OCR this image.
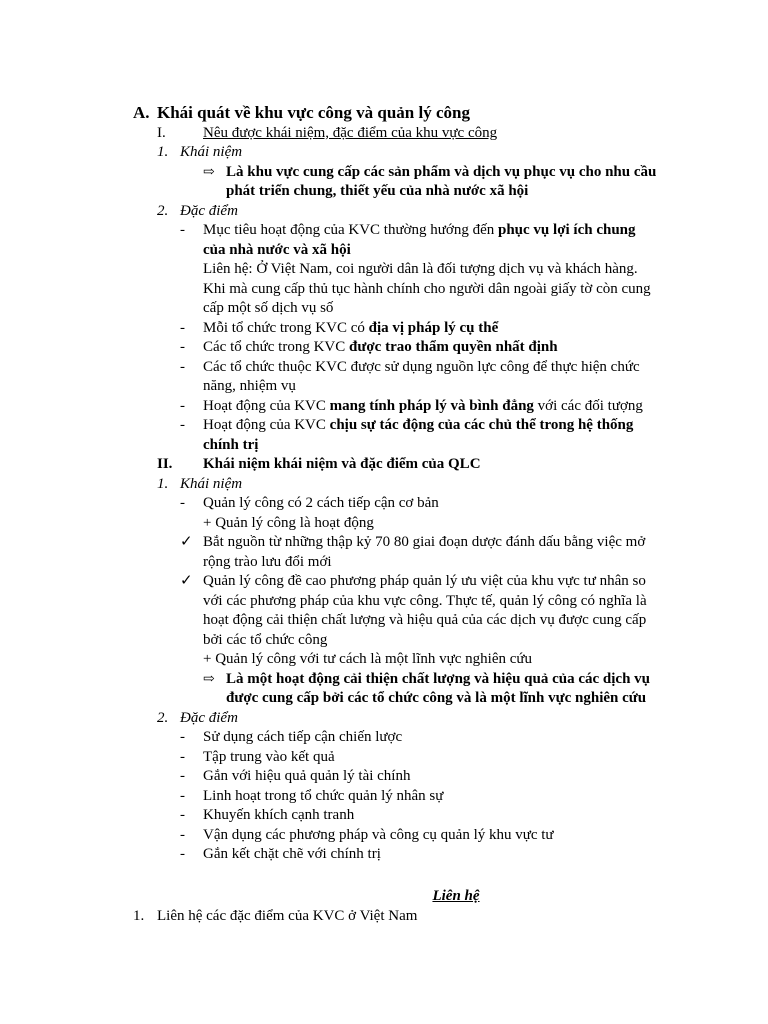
A. Khái quát về khu vực công và quản lý công
I. Nêu được khái niệm, đặc điểm của khu vực công
1. Khái niệm
⇨ Là khu vực cung cấp các sản phẩm và dịch vụ phục vụ cho nhu cầu
phát triển chung, thiết yếu của nhà nước xã hội
2. Đặc điểm
- Mục tiêu hoạt động của KVC thường hướng đến phục vụ lợi ích chung
của nhà nước và xã hội
Liên hệ: Ở Việt Nam, coi người dân là đối tượng dịch vụ và khách hàng.
Khi mà cung cấp thủ tục hành chính cho người dân ngoài giấy tờ còn cung
cấp một số dịch vụ số
- Mỗi tổ chức trong KVC có địa vị pháp lý cụ thể
- Các tổ chức trong KVC được trao thẩm quyền nhất định
- Các tổ chức thuộc KVC được sử dụng nguồn lực công để thực hiện chức
năng, nhiệm vụ
- Hoạt động của KVC mang tính pháp lý và bình đẳng với các đối tượng
- Hoạt động của KVC chịu sự tác động của các chủ thể trong hệ thống
chính trị
II. Khái niệm khái niệm và đặc điểm của QLC
1. Khái niệm
- Quản lý công có 2 cách tiếp cận cơ bản
+ Quản lý công là hoạt động
✓ Bắt nguồn từ những thập kỷ 70 80 giai đoạn dược đánh dấu bằng việc mở
rộng trào lưu đổi mới
✓ Quản lý công đề cao phương pháp quản lý ưu việt của khu vực tư nhân so
với các phương pháp của khu vực công. Thực tế, quản lý công có nghĩa là
hoạt động cải thiện chất lượng và hiệu quả của các dịch vụ được cung cấp
bởi các tổ chức công
+ Quản lý công với tư cách là một lĩnh vực nghiên cứu
⇨ Là một hoạt động cải thiện chất lượng và hiệu quả của các dịch vụ
được cung cấp bởi các tổ chức công và là một lĩnh vực nghiên cứu
2. Đặc điểm
- Sử dụng cách tiếp cận chiến lược
- Tập trung vào kết quả
- Gắn với hiệu quả quản lý tài chính
- Linh hoạt trong tổ chức quản lý nhân sự
- Khuyến khích cạnh tranh
- Vận dụng các phương pháp và công cụ quản lý khu vực tư
- Gắn kết chặt chẽ với chính trị
Liên hệ
1. Liên hệ các đặc điểm của KVC ở Việt Nam
